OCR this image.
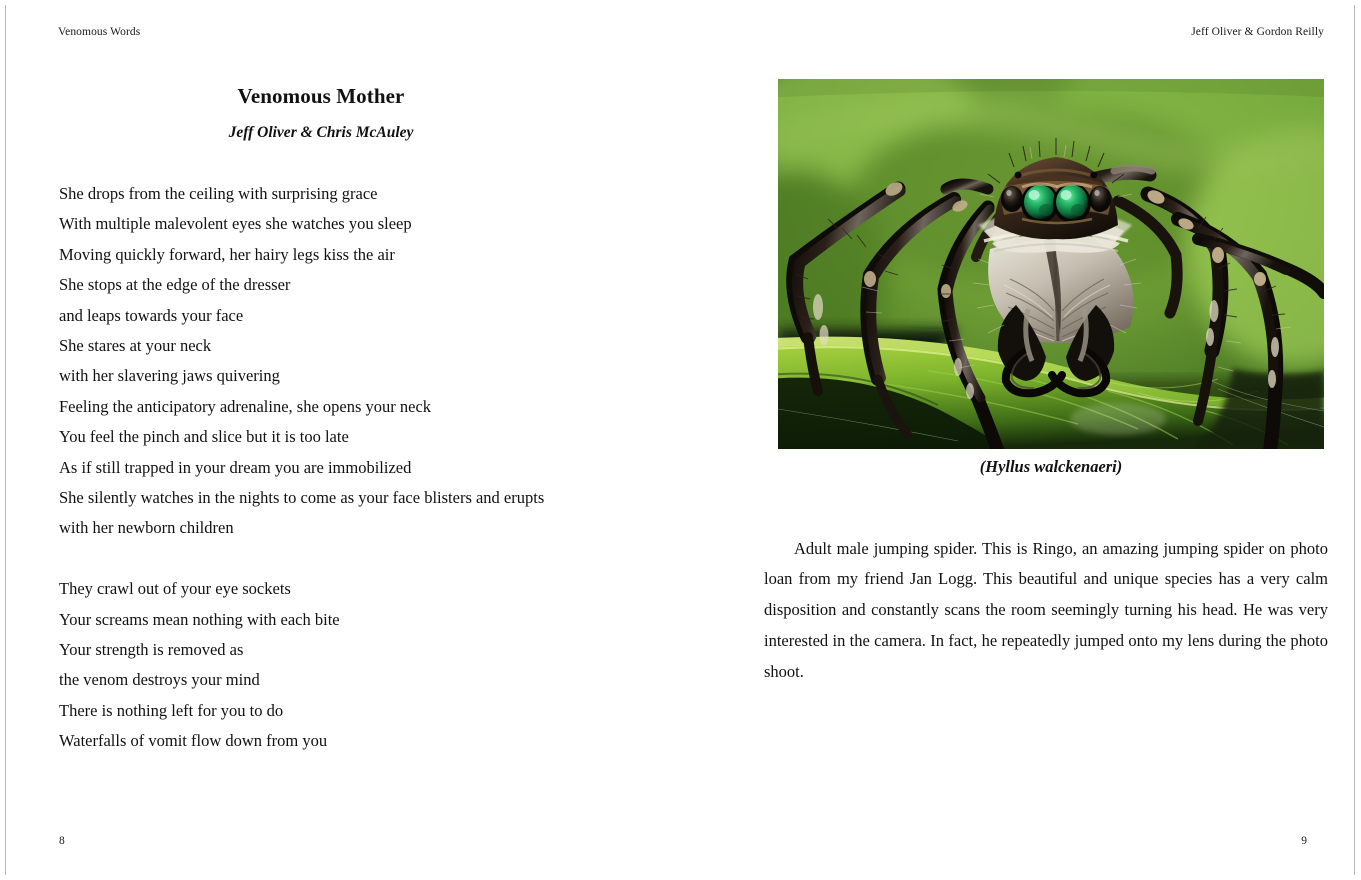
Venomous Words	Jeff Oliver & Gordon Reilly
Venomous Mother
Jeff Oliver & Chris McAuley
She drops from the ceiling with surprising grace
With multiple malevolent eyes she watches you sleep
Moving quickly forward, her hairy legs kiss the air
She stops at the edge of the dresser
and leaps towards your face
She stares at your neck
with her slavering jaws quivering
Feeling the anticipatory adrenaline, she opens your neck
You feel the pinch and slice but it is too late
As if still trapped in your dream you are immobilized
She silently watches in the nights to come as your face blisters and erupts
with her newborn children
They crawl out of your eye sockets
Your screams mean nothing with each bite
Your strength is removed as
the venom destroys your mind
There is nothing left for you to do
Waterfalls of vomit flow down from you
(Hyllus walckenaeri)

Adult male jumping spider. This is Ringo, an amazing jumping spider on photo loan from my friend Jan Logg. This beautiful and unique species has a very calm disposition and constantly scans the room seemingly turning his head. He was very interested in the camera. In fact, he repeatedly jumped onto my lens during the photo shoot.

8	9
